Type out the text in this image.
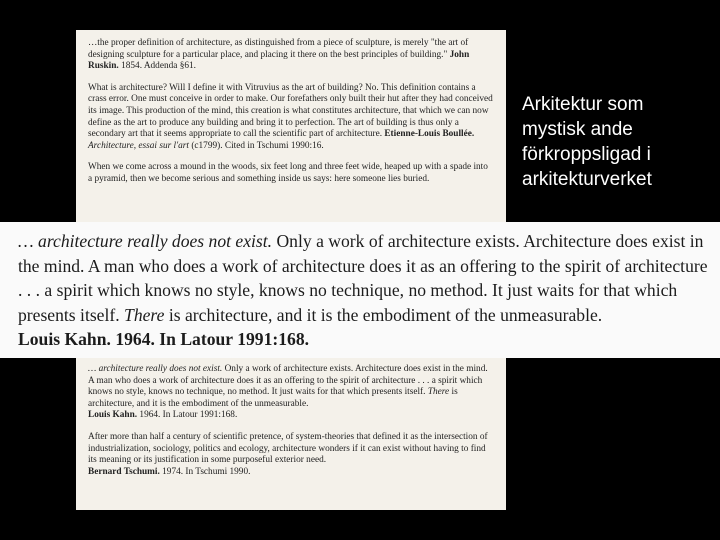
…the proper definition of architecture, as distinguished from a piece of sculpture, is merely "the art of designing sculpture for a particular place, and placing it there on the best principles of building." John Ruskin. 1854. Addenda §61.

What is architecture? Will I define it with Vitruvius as the art of building? No. This definition contains a crass error. One must conceive in order to make. Our forefathers only built their hut after they had conceived its image. This production of the mind, this creation is what constitutes architecture, that which we can now define as the art to produce any building and bring it to perfection. The art of building is thus only a secondary art that it seems appropriate to call the scientific part of architecture. Etienne-Louis Boullée. Architecture, essai sur l'art (c1799). Cited in Tschumi 1990:16.

When we come across a mound in the woods, six feet long and three feet wide, heaped up with a spade into a pyramid, then we become serious and something inside us says: here someone lies buried.

… architecture really does not exist. Only a work of architecture exists. Architecture does exist in the mind. A man who does a work of architecture does it as an offering to the spirit of architecture . . . a spirit which knows no style, knows no technique, no method. It just waits for that which presents itself. There is architecture, and it is the embodiment of the unmeasurable.
Louis Kahn. 1964. In Latour 1991:168.

After more than half a century of scientific pretence, of system-theories that defined it as the intersection of industrialization, sociology, politics and ecology, architecture wonders if it can exist without having to find its meaning or its justification in some purposeful exterior need.
Bernard Tschumi. 1974. In Tschumi 1990.

… architecture really does not exist. Only a work of architecture exists. Architecture does exist in the mind. A man who does a work of architecture does it as an offering to the spirit of architecture . . . a spirit which knows no style, knows no technique, no method. It just waits for that which presents itself. There is architecture, and it is the embodiment of the unmeasurable.
Louis Kahn. 1964. In Latour 1991:168.

Arkitektur som mystisk ande förkroppsligad i arkitekturverket
